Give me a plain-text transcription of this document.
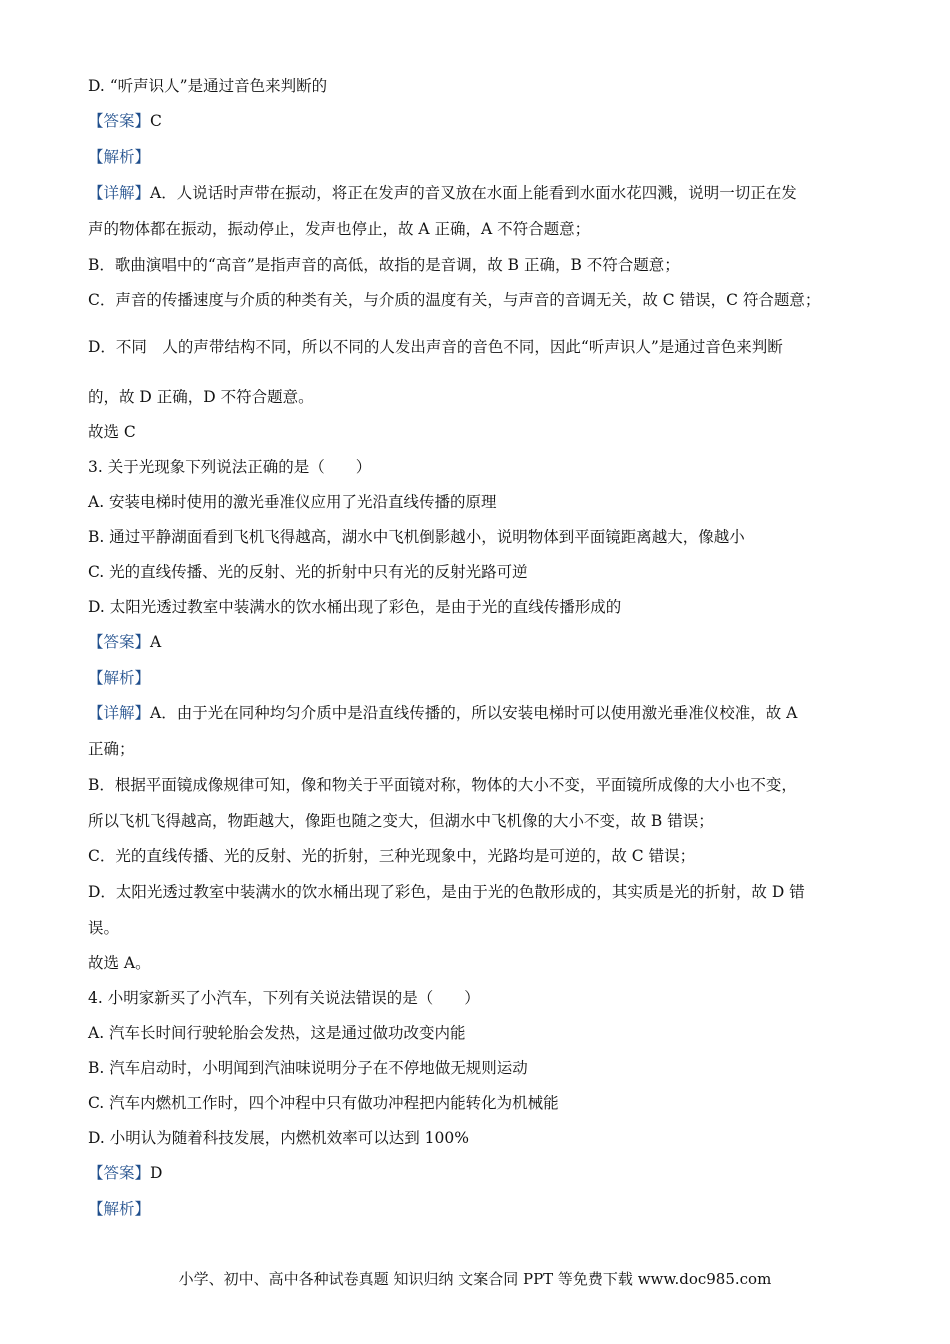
D. “听声识人”是通过音色来判断的
【答案】C
【解析】
【详解】A．人说话时声带在振动，将正在发声的音叉放在水面上能看到水面水花四溅，说明一切正在发
声的物体都在振动，振动停止，发声也停止，故 A 正确，A 不符合题意；
B．歌曲演唱中的“高音”是指声音的高低，故指的是音调，故 B 正确，B 不符合题意；
C．声音的传播速度与介质的种类有关，与介质的温度有关，与声音的音调无关，故 C 错误，C 符合题意；
D．不同　人的声带结构不同，所以不同的人发出声音的音色不同，因此“听声识人”是通过音色来判断
的，故 D 正确，D 不符合题意。
故选 C
3. 关于光现象下列说法正确的是（　　）
A. 安装电梯时使用的激光垂准仪应用了光沿直线传播的原理
B. 通过平静湖面看到飞机飞得越高，湖水中飞机倒影越小，说明物体到平面镜距离越大，像越小
C. 光的直线传播、光的反射、光的折射中只有光的反射光路可逆
D. 太阳光透过教室中装满水的饮水桶出现了彩色，是由于光的直线传播形成的
【答案】A
【解析】
【详解】A．由于光在同种均匀介质中是沿直线传播的，所以安装电梯时可以使用激光垂准仪校准，故 A
正确；
B．根据平面镜成像规律可知，像和物关于平面镜对称，物体的大小不变，平面镜所成像的大小也不变，
所以飞机飞得越高，物距越大，像距也随之变大，但湖水中飞机像的大小不变，故 B 错误；
C．光的直线传播、光的反射、光的折射，三种光现象中，光路均是可逆的，故 C 错误；
D．太阳光透过教室中装满水的饮水桶出现了彩色，是由于光的色散形成的，其实质是光的折射，故 D 错
误。
故选 A。
4. 小明家新买了小汽车，下列有关说法错误的是（　　）
A. 汽车长时间行驶轮胎会发热，这是通过做功改变内能
B. 汽车启动时，小明闻到汽油味说明分子在不停地做无规则运动
C. 汽车内燃机工作时，四个冲程中只有做功冲程把内能转化为机械能
D. 小明认为随着科技发展，内燃机效率可以达到 100%
【答案】D
【解析】
小学、初中、高中各种试卷真题 知识归纳 文案合同 PPT 等免费下载 www.doc985.com
